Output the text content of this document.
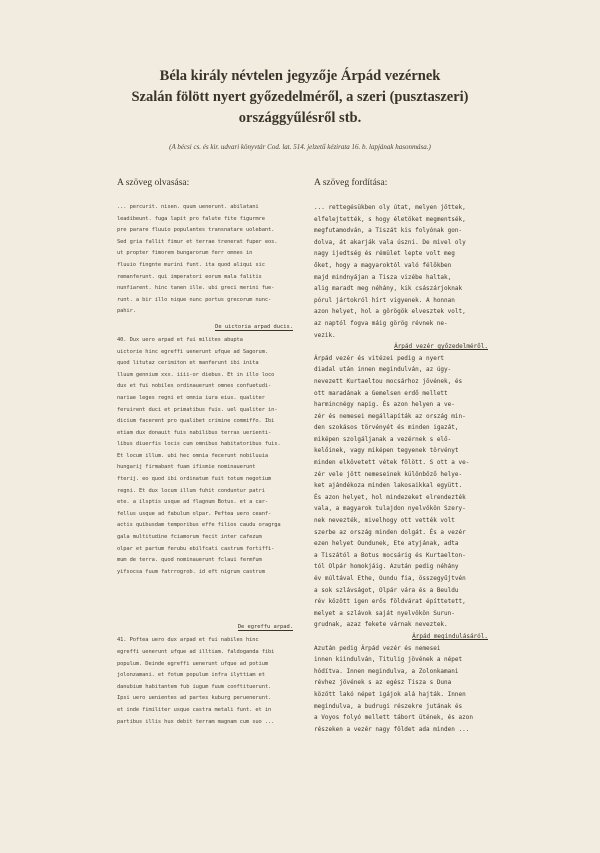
Béla király névtelen jegyzője Árpád vezérnek
Szalán fölött nyert győzedelméről, a szeri (pusztaszeri)
országgyűlésről stb.
(A bécsi cs. és kir. udvari könyvtár Cod. lat. 514. jelzetű kézirata 16. b. lapjának hasonmása.)
A szöveg olvasása:
... percurit. nisen. quum uenerunt. abilatani
leadibeunt. fuga lapit pro falute fite figurmre
pre parare fluuio populantes transnatare uolebant.
Sed gria fallit fimur et terrae trenerat fuper eos.
ut propter fimorem bungarorum ferr omnes in
fluuio fingnte murini funt. ita quod aliqui sic
remanferunt. qui imperatori eorum mala falitis
nunfiarent. hinc tanen ille. ubi greci merini fue-
runt. a bir illo nique nunc portus grecorum nunc-
pahir.
De uictoria arpad ducis.
40. Dux uero arpad et fui milites abupta
uictorie hinc egreffi uenerunt ufque ad Sagorum.
quod litutaz cerimiton et manferunt ibi inita
lluum gennium xxx. iiii-or diebus. Et in illo loco
dux et fui nobiles ordinauerunt omnes confuetudi-
nariae leges regni et omnia iura eius. qualiter
feruirent duci et primatibus fuis. uel qualiter in-
dicium facerent pro qualibet crimine commiffo. Ibi
etiam dux donauit fuis nabilibus terras uerienti-
libus diuerfis locis cum omnibus habitatoribus fuis.
Et locum illum. ubi hec omnia fecerunt nobiluuia
hungarij firmabant fuam ifismie nominauerunt
fterij. eo quod ibi ordinatum fuit totum negotium
regni. Et dux locum illum fuhit conduntur patri
ete. a ilsptis usque ad flagnum Botus. et a car-
fellus usque ad fabulum olpar. Peftea uero ceanf-
actis quibusdam temporibus effe filios caudu oragrga
gala multitudine fciamorum fecit inter cafezum
olpar et partum ferubu ebilfcati castrum fortiffi-
mum de terra. quod nominauerunt fclaui fermfum
yifsocsa fuum fatrrogrob. id eft nigrum castrum
De egreffu arpad.
41. Poftea uero dux arpad et fui nabiles hinc
egreffi uenerunt ufque ad illtiam. faldoganda fibi
populum. Deinde egreffi uenerunt ufque ad potium
jolonzamani. et fotum populum infra ilyttiam et
danubium habitantem fub iugum fuum conftituerunt.
Ipsi uero uenientes ad partes kuburg peruenerunt.
et inde fimiliter usque castra metali funt. et in
partibus illis hux debit terram magnam cum suo ...
A szöveg fordítása:
... rettegésükben oly útat, melyen jöttek,
elfelejtették, s hogy életöket megmentsék,
megfutamodván, a Tiszát kis folyónak gon-
dolva, át akarják vala úszni. De mivel oly
nagy ijedtség és rémület lepte volt meg
őket, hogy a magyaroktól való félőkben
majd mindnyájan a Tisza vizébe haltak,
alig maradt meg néhány, kik császárjoknak
pórul jártokról hírt vigyenek. A honnan
azon helyet, hol a görögök elvesztek volt,
az naptól fogva máig görög révnek ne-
vezik.
Árpád vezér győzedelméről.
Árpád vezér és vitézei pedig a nyert
diadal után innen megindulván, az úgy-
nevezett Kurtaeltou mocsárhoz jövének, és
ott maradának a Gemelsen erdő mellett
harmincnégy napig. És azon helyen a ve-
zér és nemesei megállapíták az ország min-
den szokásos törvényét és minden igazát,
miképen szolgáljanak a vezérnek s elő-
kelőinek, vagy miképen tegyenek törvényt
minden elkövetett vétek fölött. S ott a ve-
zér vele jött nemeseinek különböző helye-
ket ajándékoza minden lakosaikkal együtt.
És azon helyet, hol mindezeket elrendezték
vala, a magyarok tulajdon nyelvökön Szery-
nek nevezték, mivelhogy ott vették volt
szerbe az ország minden dolgát. És a vezér
ezen helyet Oundunek, Ete atyjának, adta
a Tiszától a Botus mocsárig és Kurtaelton-
tól Olpár homokjáig. Azután pedig néhány
év múltával Ethe, Oundu fia, összegyűjtvén
a sok szlávságot, Olpár vára és a Beuldu
rév között igen erős földvárat építtetett,
melyet a szlávok saját nyelvökön Surun-
grudnak, azaz fekete várnak neveztek.
Árpád megindulásáról.
Azután pedig Árpád vezér és nemesei
innen kiindulván, Titulig jövének a népet
hódítva. Innen megindulva, a Zolonkamani
révhez jövének s az egész Tisza s Duna
között lakó népet igájok alá hajták. Innen
megindulva, a budrugi részekre jutának és
a Voyos folyó mellett tábort ütének, és azon
részeken a vezér nagy földet ada minden ...
